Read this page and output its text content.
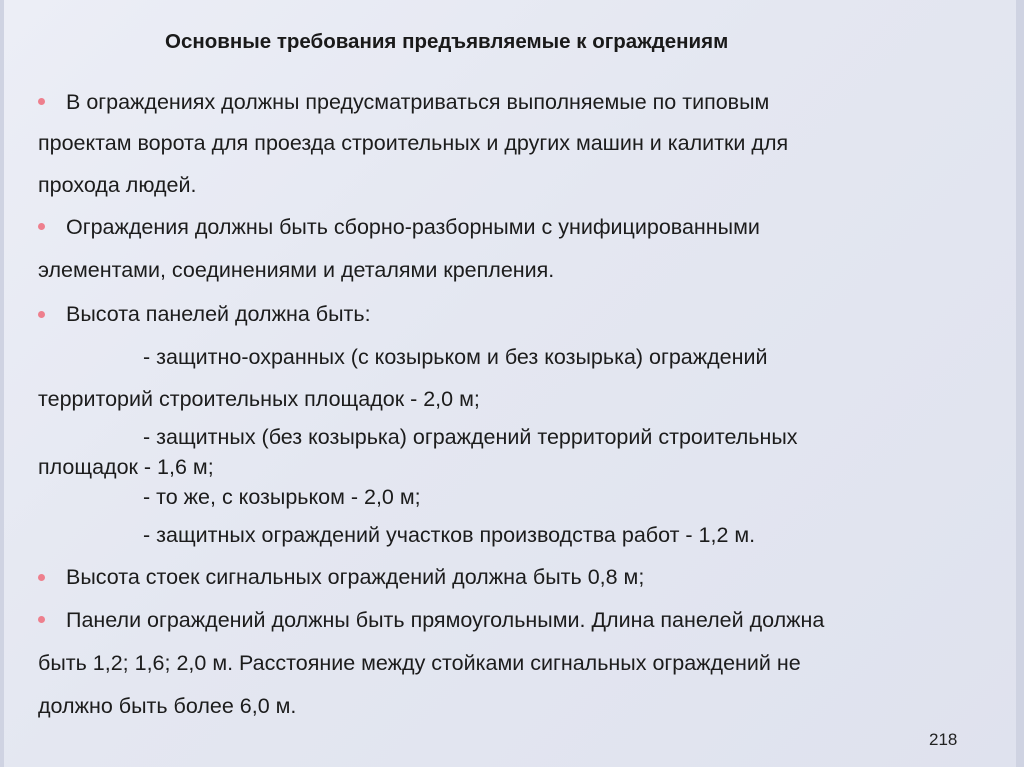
Основные требования предъявляемые к ограждениям
В ограждениях должны предусматриваться выполняемые по типовым
проектам ворота для проезда строительных и других машин и калитки для
прохода людей.
Ограждения должны быть сборно-разборными с унифицированными
элементами, соединениями и деталями крепления.
Высота панелей должна быть:
- защитно-охранных (с козырьком и без козырька) ограждений
территорий строительных площадок - 2,0 м;
- защитных (без козырька) ограждений территорий строительных
площадок - 1,6 м;
- то же, с козырьком - 2,0 м;
- защитных ограждений участков производства работ - 1,2 м.
Высота стоек сигнальных ограждений должна быть 0,8 м;
Панели ограждений должны быть прямоугольными. Длина панелей должна
быть 1,2; 1,6; 2,0 м. Расстояние между стойками сигнальных ограждений не
должно быть более 6,0 м.
218
